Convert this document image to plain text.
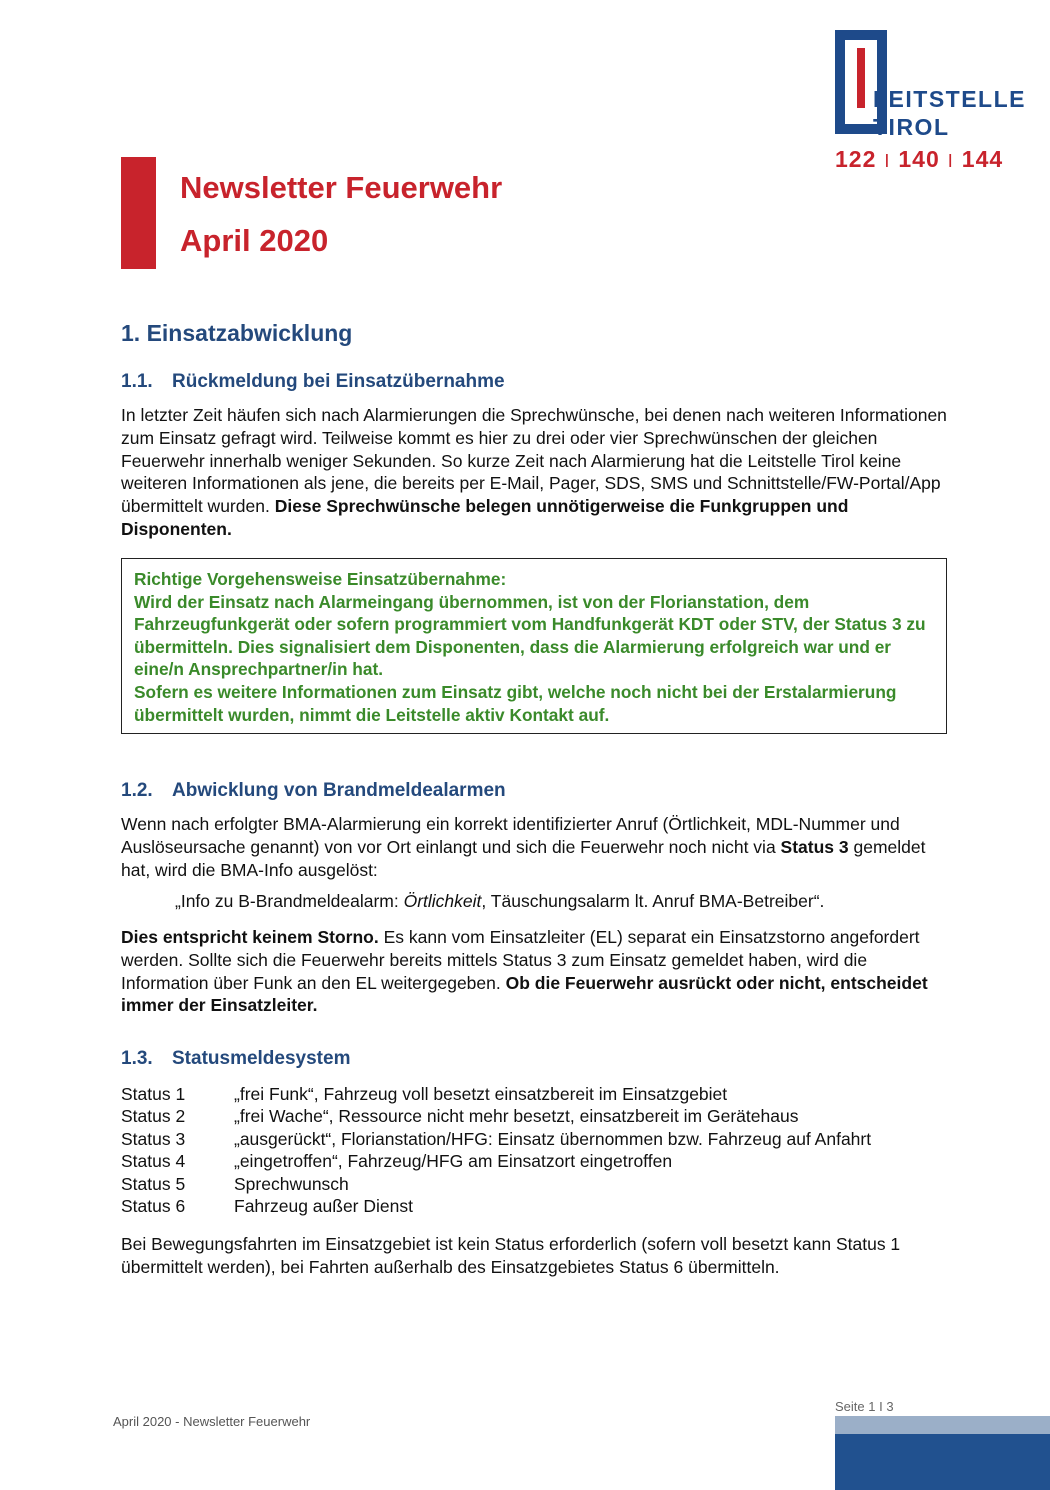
LEITSTELLE
TIROL
122 I 140 I 144
Newsletter Feuerwehr
April 2020
1. Einsatzabwicklung
1.1. Rückmeldung bei Einsatzübernahme
In letzter Zeit häufen sich nach Alarmierungen die Sprechwünsche, bei denen nach weiteren Informationen zum Einsatz gefragt wird. Teilweise kommt es hier zu drei oder vier Sprechwünschen der gleichen Feuerwehr innerhalb weniger Sekunden. So kurze Zeit nach Alarmierung hat die Leitstelle Tirol keine weiteren Informationen als jene, die bereits per E-Mail, Pager, SDS, SMS und Schnittstelle/FW-Portal/App übermittelt wurden. Diese Sprechwünsche belegen unnötigerweise die Funkgruppen und Disponenten.
Richtige Vorgehensweise Einsatzübernahme:
Wird der Einsatz nach Alarmeingang übernommen, ist von der Florianstation, dem Fahrzeugfunkgerät oder sofern programmiert vom Handfunkgerät KDT oder STV, der Status 3 zu übermitteln. Dies signalisiert dem Disponenten, dass die Alarmierung erfolgreich war und er eine/n Ansprechpartner/in hat.
Sofern es weitere Informationen zum Einsatz gibt, welche noch nicht bei der Erstalarmierung übermittelt wurden, nimmt die Leitstelle aktiv Kontakt auf.
1.2. Abwicklung von Brandmeldealarmen
Wenn nach erfolgter BMA-Alarmierung ein korrekt identifizierter Anruf (Örtlichkeit, MDL-Nummer und Auslöseursache genannt) von vor Ort einlangt und sich die Feuerwehr noch nicht via Status 3 gemeldet hat, wird die BMA-Info ausgelöst:
„Info zu B-Brandmeldealarm: Örtlichkeit, Täuschungsalarm lt. Anruf BMA-Betreiber“.
Dies entspricht keinem Storno. Es kann vom Einsatzleiter (EL) separat ein Einsatzstorno angefordert werden. Sollte sich die Feuerwehr bereits mittels Status 3 zum Einsatz gemeldet haben, wird die Information über Funk an den EL weitergegeben. Ob die Feuerwehr ausrückt oder nicht, entscheidet immer der Einsatzleiter.
1.3. Statusmeldesystem
Status 1	„frei Funk“, Fahrzeug voll besetzt einsatzbereit im Einsatzgebiet
Status 2	„frei Wache“, Ressource nicht mehr besetzt, einsatzbereit im Gerätehaus
Status 3	„ausgerückt“, Florianstation/HFG: Einsatz übernommen bzw. Fahrzeug auf Anfahrt
Status 4	„eingetroffen“, Fahrzeug/HFG am Einsatzort eingetroffen
Status 5	Sprechwunsch
Status 6	Fahrzeug außer Dienst
Bei Bewegungsfahrten im Einsatzgebiet ist kein Status erforderlich (sofern voll besetzt kann Status 1 übermittelt werden), bei Fahrten außerhalb des Einsatzgebietes Status 6 übermitteln.
April 2020 - Newsletter Feuerwehr
Seite 1 I 3
